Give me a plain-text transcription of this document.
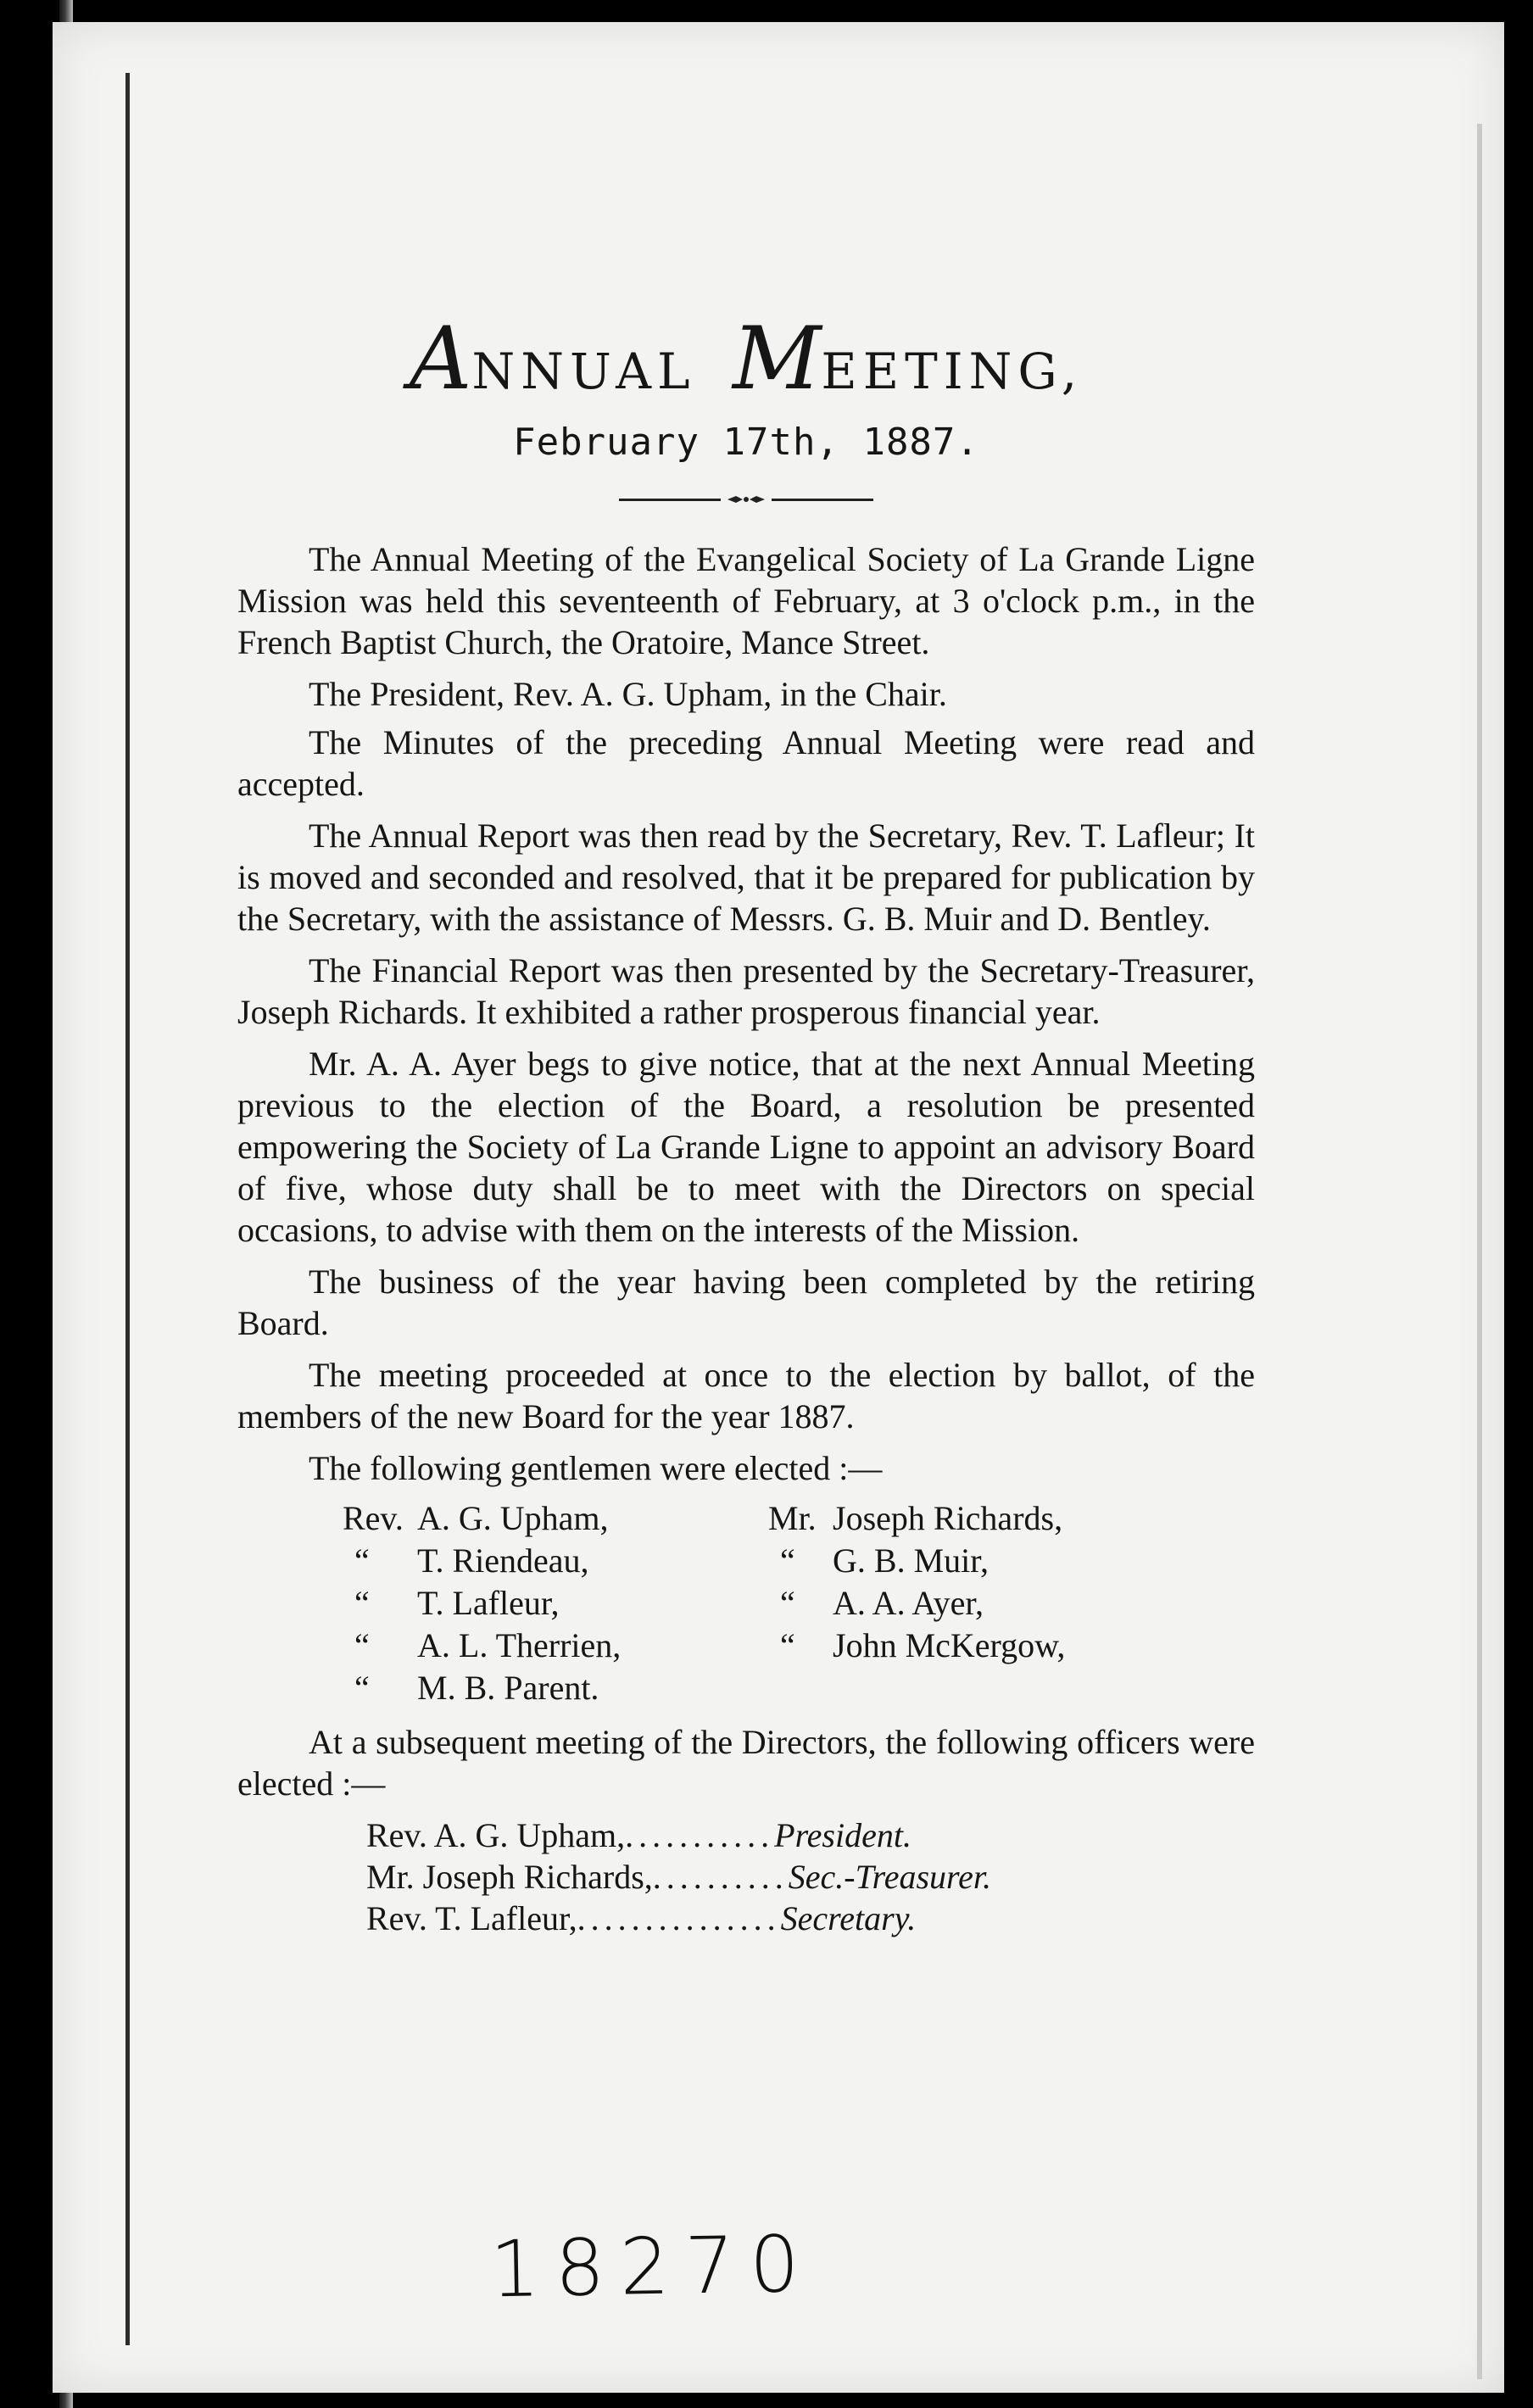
ANNUAL MEETING,
February 17th, 1887.

The Annual Meeting of the Evangelical Society of La Grande Ligne Mission was held this seventeenth of February, at 3 o'clock p.m., in the French Baptist Church, the Oratoire, Mance Street.

The President, Rev. A. G. Upham, in the Chair.

The Minutes of the preceding Annual Meeting were read and accepted.

The Annual Report was then read by the Secretary, Rev. T. Lafleur; It is moved and seconded and resolved, that it be prepared for publication by the Secretary, with the assistance of Messrs. G. B. Muir and D. Bentley.

The Financial Report was then presented by the Secretary-Treasurer, Joseph Richards. It exhibited a rather prosperous financial year.

Mr. A. A. Ayer begs to give notice, that at the next Annual Meeting previous to the election of the Board, a resolution be presented empowering the Society of La Grande Ligne to appoint an advisory Board of five, whose duty shall be to meet with the Directors on special occasions, to advise with them on the interests of the Mission.

The business of the year having been completed by the retiring Board.

The meeting proceeded at once to the election by ballot, of the members of the new Board for the year 1887.

The following gentlemen were elected :—

Rev. A. G. Upham,
“ T. Riendeau,
“ T. Lafleur,
“ A. L. Therrien,
“ M. B. Parent.
Mr. Joseph Richards,
“ G. B. Muir,
“ A. A. Ayer,
“ John McKergow,

At a subsequent meeting of the Directors, the following officers were elected :—

Rev. A. G. Upham, ........... President.
Mr. Joseph Richards, .......... Sec.-Treasurer.
Rev. T. Lafleur, ............... Secretary.
18270
